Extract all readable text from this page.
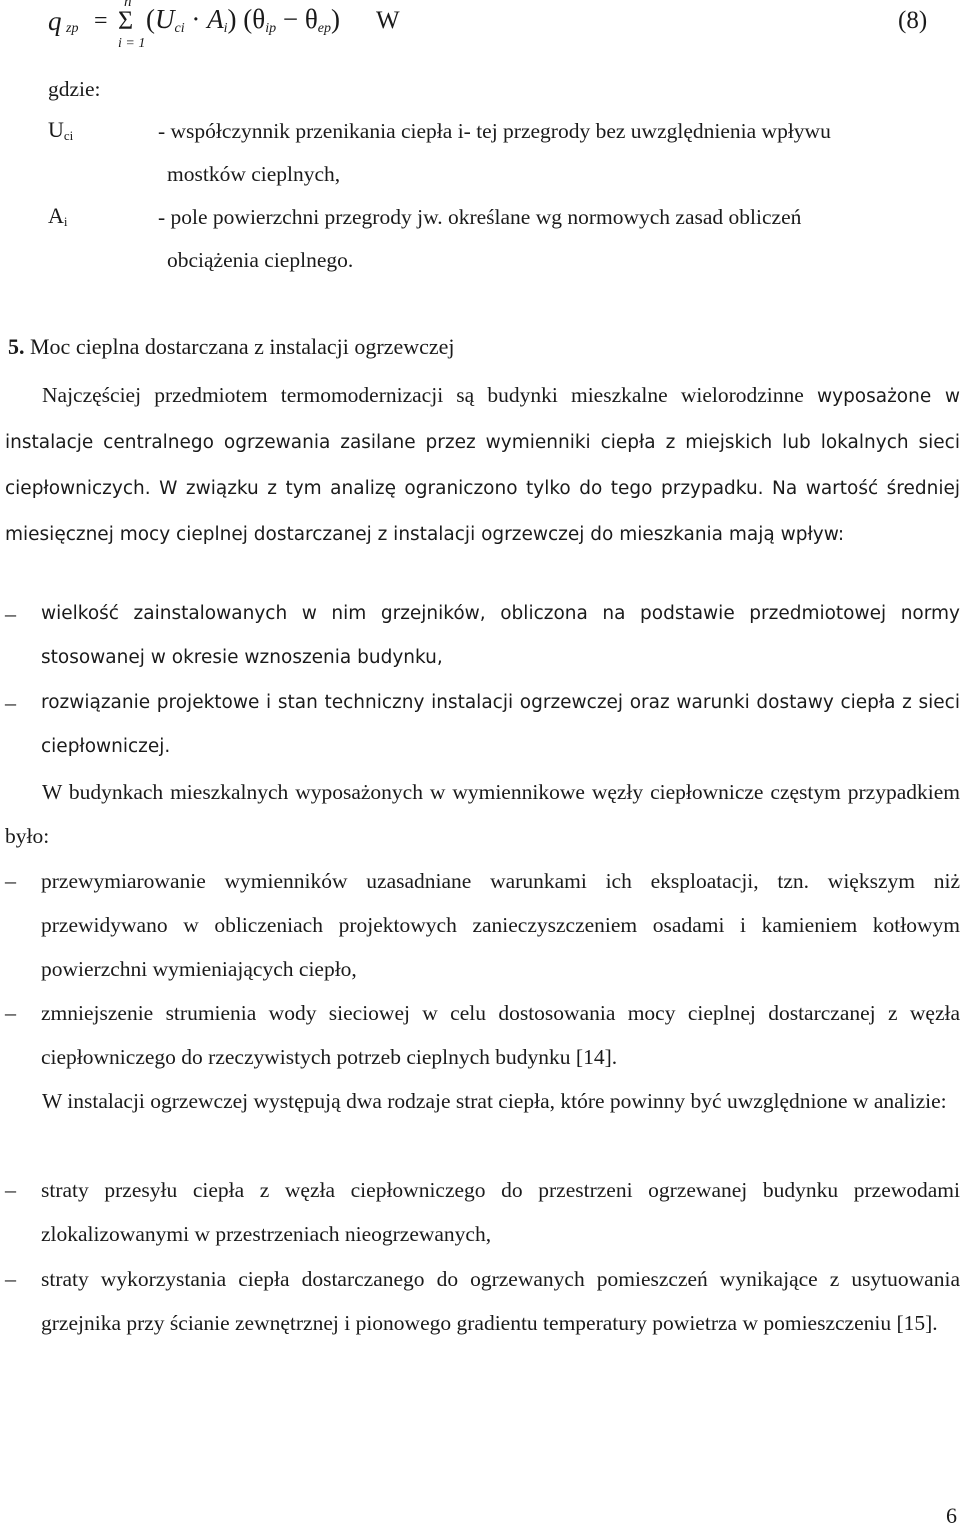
q zp =
n
Σ
i = 1
$(U_{ci} \cdot A_i) (\theta_{ip} - \theta_{ep})$ W	(8)
gdzie:
$U_{ci}$	- współczynnik przenikania ciepła i- tej przegrody bez uwzględnienia wpływu
mostków cieplnych,
$A_i$	- pole powierzchni przegrody jw. określane wg normowych zasad obliczeń
obciążenia cieplnego.
5. Moc cieplna dostarczana z instalacji ogrzewczej
Najczęściej przedmiotem termomodernizacji są budynki mieszkalne wielorodzinne wyposażone w instalacje centralnego ogrzewania zasilane przez wymienniki ciepła z miejskich lub lokalnych sieci ciepłowniczych. W związku z tym analizę ograniczono tylko do tego przypadku. Na wartość średniej miesięcznej mocy cieplnej dostarczanej z instalacji ogrzewczej do mieszkania mają wpływ:
– wielkość zainstalowanych w nim grzejników, obliczona na podstawie przedmiotowej normy stosowanej w okresie wznoszenia budynku,
– rozwiązanie projektowe i stan techniczny instalacji ogrzewczej oraz warunki dostawy ciepła z sieci ciepłowniczej.
W budynkach mieszkalnych wyposażonych w wymiennikowe węzły ciepłownicze częstym przypadkiem było:
– przewymiarowanie wymienników uzasadniane warunkami ich eksploatacji, tzn. większym niż przewidywano w obliczeniach projektowych zanieczyszczeniem osadami i kamieniem kotłowym powierzchni wymieniających ciepło,
– zmniejszenie strumienia wody sieciowej w celu dostosowania mocy cieplnej dostarczanej z węzła ciepłowniczego do rzeczywistych potrzeb cieplnych budynku [14].
W instalacji ogrzewczej występują dwa rodzaje strat ciepła, które powinny być uwzględnione w analizie:
– straty przesyłu ciepła z węzła ciepłowniczego do przestrzeni ogrzewanej budynku przewodami zlokalizowanymi w przestrzeniach nieogrzewanych,
– straty wykorzystania ciepła dostarczanego do ogrzewanych pomieszczeń wynikające z usytuowania grzejnika przy ścianie zewnętrznej i pionowego gradientu temperatury powietrza w pomieszczeniu [15].
6
